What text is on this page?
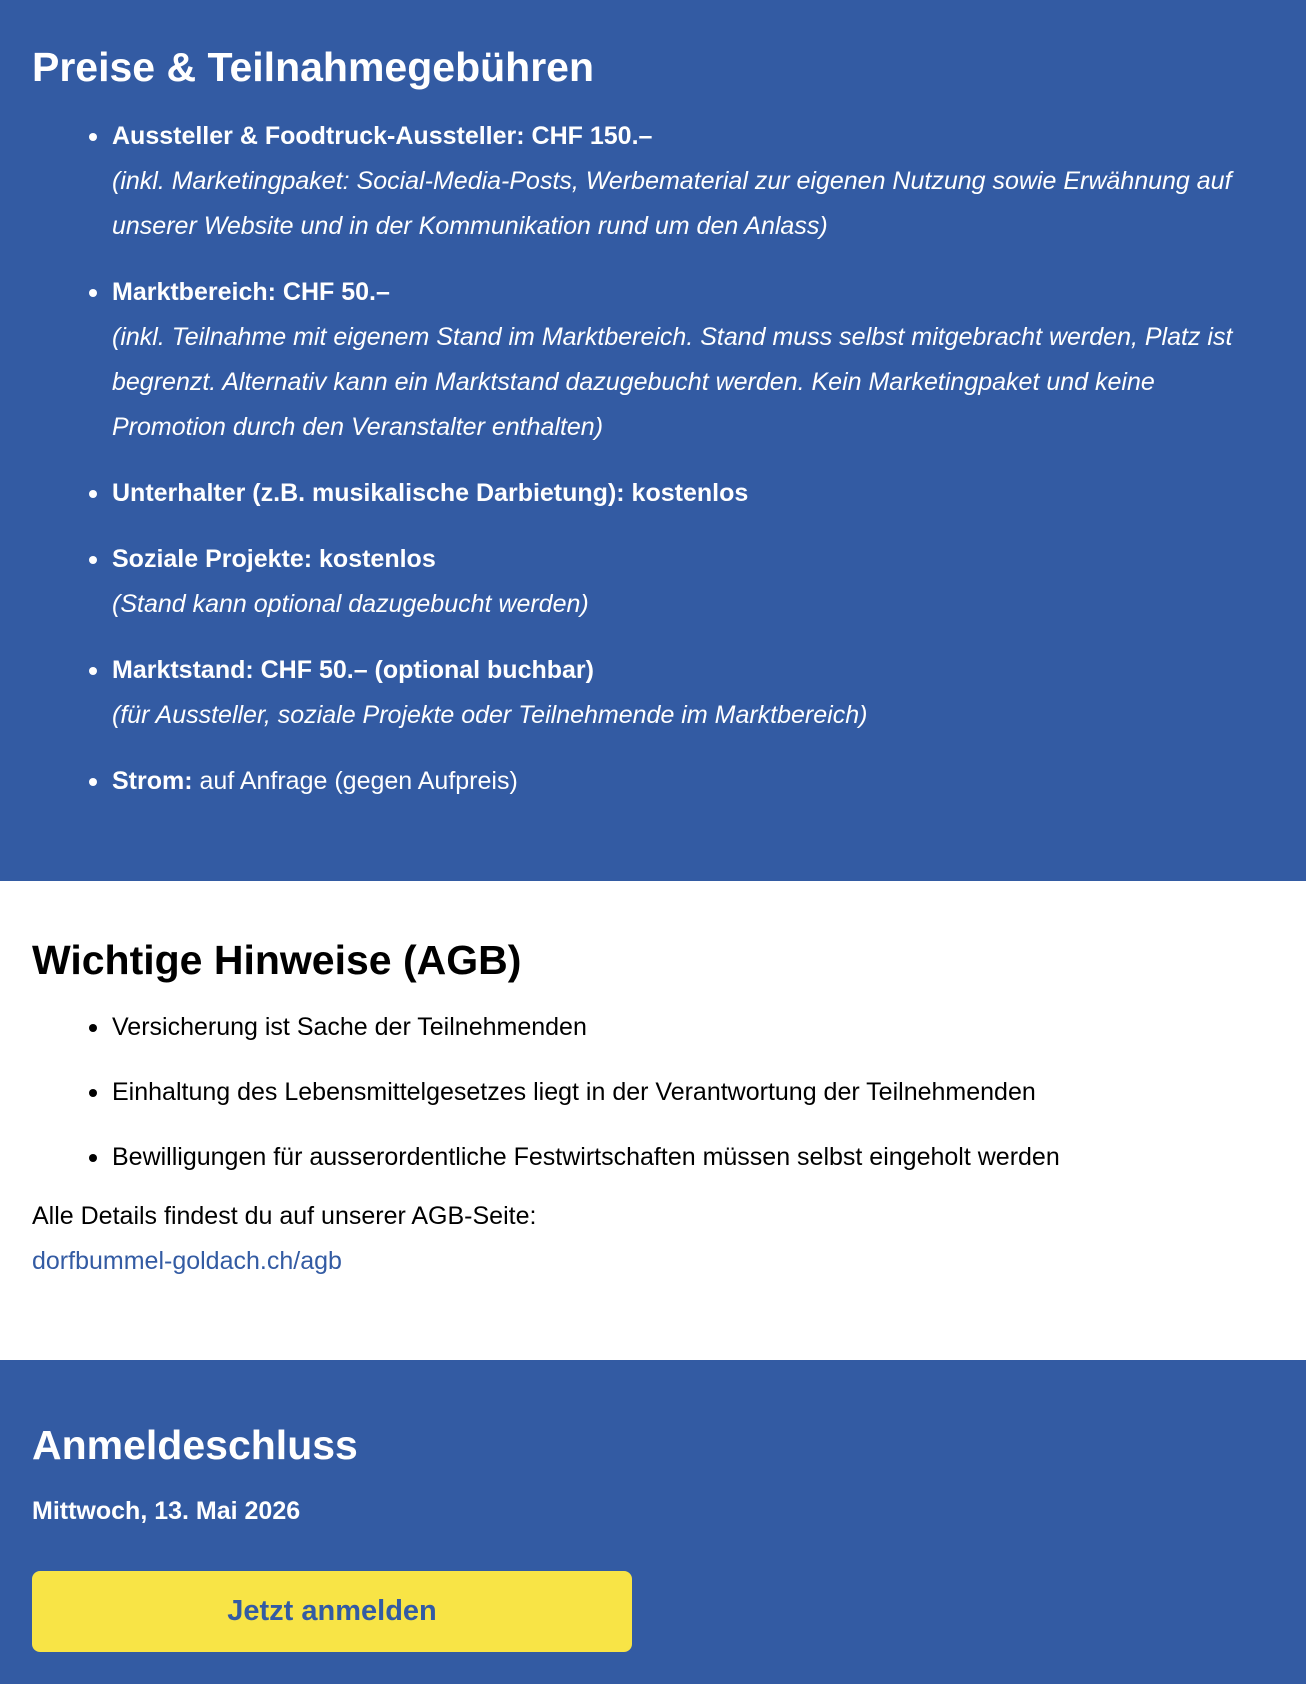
Preise & Teilnahmegebühren
Aussteller & Foodtruck-Aussteller: CHF 150.–
(inkl. Marketingpaket: Social-Media-Posts, Werbematerial zur eigenen Nutzung sowie Erwähnung auf unserer Website und in der Kommunikation rund um den Anlass)
Marktbereich: CHF 50.–
(inkl. Teilnahme mit eigenem Stand im Marktbereich. Stand muss selbst mitgebracht werden, Platz ist begrenzt. Alternativ kann ein Marktstand dazugebucht werden. Kein Marketingpaket und keine Promotion durch den Veranstalter enthalten)
Unterhalter (z.B. musikalische Darbietung): kostenlos
Soziale Projekte: kostenlos
(Stand kann optional dazugebucht werden)
Marktstand: CHF 50.– (optional buchbar)
(für Aussteller, soziale Projekte oder Teilnehmende im Marktbereich)
Strom: auf Anfrage (gegen Aufpreis)
Wichtige Hinweise (AGB)
Versicherung ist Sache der Teilnehmenden
Einhaltung des Lebensmittelgesetzes liegt in der Verantwortung der Teilnehmenden
Bewilligungen für ausserordentliche Festwirtschaften müssen selbst eingeholt werden
Alle Details findest du auf unserer AGB-Seite:
dorfbummel-goldach.ch/agb
Anmeldeschluss
Mittwoch, 13. Mai 2026
Jetzt anmelden
